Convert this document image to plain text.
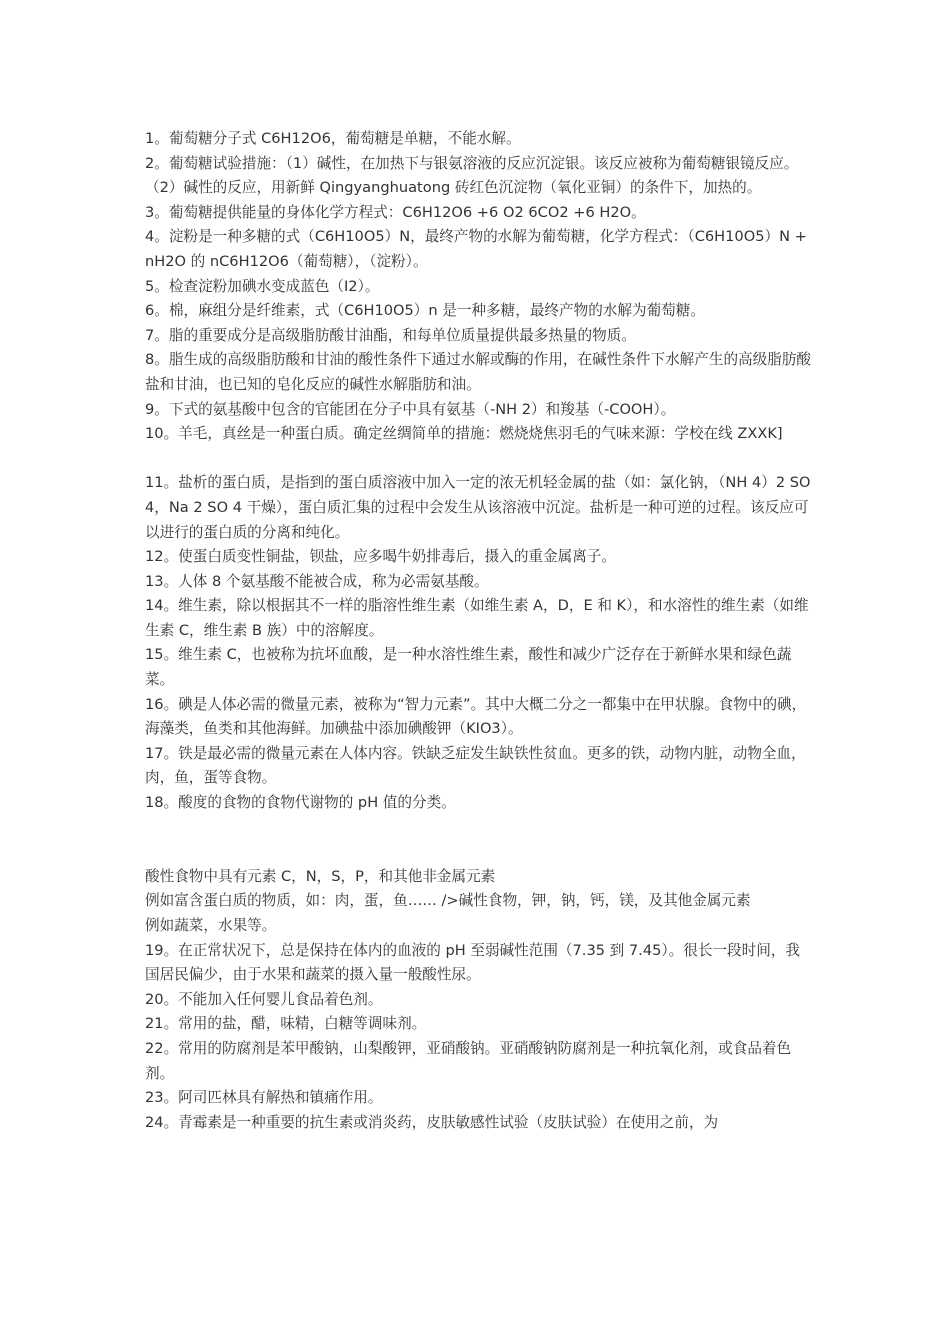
1。葡萄糖分子式 C6H12O6，葡萄糖是单糖，不能水解。

2。葡萄糖试验措施：（1）碱性，在加热下与银氨溶液的反应沉淀银。该反应被称为葡萄糖银镜反应。 （2）碱性的反应，用新鲜 Qingyanghuatong 砖红色沉淀物（氧化亚铜）的条件下，加热的。

3。葡萄糖提供能量的身体化学方程式：C6H12O6 +6 O2 6CO2 +6 H2O。

4。淀粉是一种多糖的式（C6H10O5）N，最终产物的水解为葡萄糖，化学方程式：（C6H10O5）N + nH2O 的 nC6H12O6（葡萄糖），（淀粉）。

5。检查淀粉加碘水变成蓝色（I2）。

6。棉，麻组分是纤维素，式（C6H10O5）n 是一种多糖，最终产物的水解为葡萄糖。

7。脂的重要成分是高级脂肪酸甘油酯，和每单位质量提供最多热量的物质。

8。脂生成的高级脂肪酸和甘油的酸性条件下通过水解或酶的作用，在碱性条件下水解产生的高级脂肪酸盐和甘油，也已知的皂化反应的碱性水解脂肪和油。

9。下式的氨基酸中包含的官能团在分子中具有氨基（-NH 2）和羧基（-COOH）。

10。羊毛，真丝是一种蛋白质。确定丝绸简单的措施：燃烧烧焦羽毛的气味来源：学校在线 ZXXK]

11。盐析的蛋白质，是指到的蛋白质溶液中加入一定的浓无机轻金属的盐（如：氯化钠，（NH 4）2 SO 4，Na 2 SO 4 干燥），蛋白质汇集的过程中会发生从该溶液中沉淀。盐析是一种可逆的过程。该反应可以进行的蛋白质的分离和纯化。

12。使蛋白质变性铜盐，钡盐，应多喝牛奶排毒后，摄入的重金属离子。

13。人体 8 个氨基酸不能被合成，称为必需氨基酸。

14。维生素，除以根据其不一样的脂溶性维生素（如维生素 A，D，E 和 K），和水溶性的维生素（如维生素 C，维生素 B 族）中的溶解度。

15。维生素 C，也被称为抗坏血酸，是一种水溶性维生素，酸性和减少广泛存在于新鲜水果和绿色蔬菜。

16。碘是人体必需的微量元素，被称为“智力元素”。其中大概二分之一都集中在甲状腺。食物中的碘，海藻类，鱼类和其他海鲜。加碘盐中添加碘酸钾（KIO3）。

17。铁是最必需的微量元素在人体内容。铁缺乏症发生缺铁性贫血。更多的铁，动物内脏，动物全血，肉，鱼，蛋等食物。

18。酸度的食物的食物代谢物的 pH 值的分类。

酸性食物中具有元素 C，N，S，P，和其他非金属元素

例如富含蛋白质的物质，如：肉，蛋，鱼…… />碱性食物，钾，钠，钙，镁，及其他金属元素

例如蔬菜，水果等。

19。在正常状况下，总是保持在体内的血液的 pH 至弱碱性范围（7.35 到 7.45）。很长一段时间，我国居民偏少，由于水果和蔬菜的摄入量一般酸性尿。

20。不能加入任何婴儿食品着色剂。

21。常用的盐，醋，味精，白糖等调味剂。

22。常用的防腐剂是苯甲酸钠，山梨酸钾，亚硝酸钠。亚硝酸钠防腐剂是一种抗氧化剂，或食品着色剂。

23。阿司匹林具有解热和镇痛作用。

24。青霉素是一种重要的抗生素或消炎药，皮肤敏感性试验（皮肤试验）在使用之前，为
